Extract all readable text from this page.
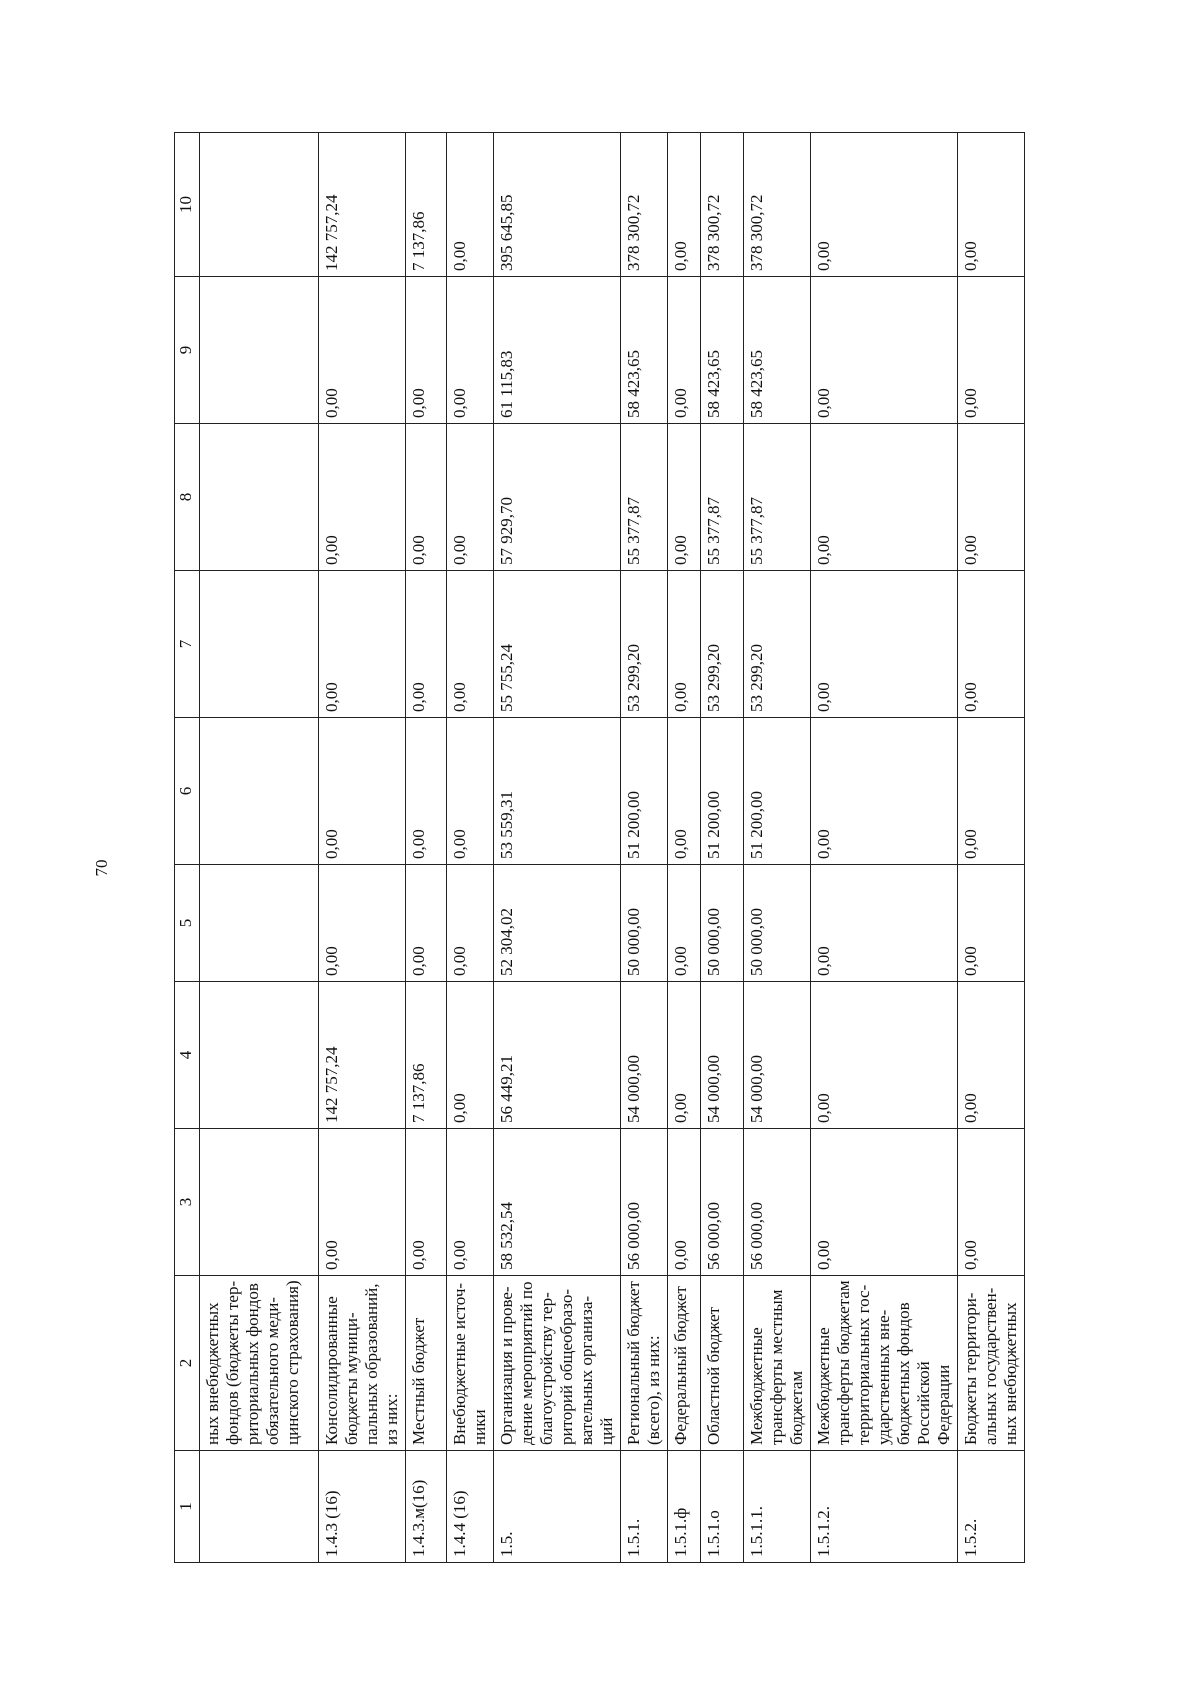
70
1	2	3	4	5	6	7	8	9	10
	ных внебюджетных фондов (бюджеты тер-риториальных фондов обязательного меди-цинского страхования)								
1.4.3 (16)	Консолидированные бюджеты муници-пальных образований, из них:	0,00	142 757,24	0,00	0,00	0,00	0,00	0,00	142 757,24
1.4.3.м(16)	Местный бюджет	0,00	7 137,86	0,00	0,00	0,00	0,00	0,00	7 137,86
1.4.4 (16)	Внебюджетные источ-ники	0,00	0,00	0,00	0,00	0,00	0,00	0,00	0,00
1.5.	Организация и прове-дение мероприятий по благоустройству тер-риторий общеобразо-вательных организа-ций	58 532,54	56 449,21	52 304,02	53 559,31	55 755,24	57 929,70	61 115,83	395 645,85
1.5.1.	Региональный бюджет (всего), из них:	56 000,00	54 000,00	50 000,00	51 200,00	53 299,20	55 377,87	58 423,65	378 300,72
1.5.1.ф	Федеральный бюджет	0,00	0,00	0,00	0,00	0,00	0,00	0,00	0,00
1.5.1.о	Областной бюджет	56 000,00	54 000,00	50 000,00	51 200,00	53 299,20	55 377,87	58 423,65	378 300,72
1.5.1.1.	Межбюджетные трансферты местным бюджетам	56 000,00	54 000,00	50 000,00	51 200,00	53 299,20	55 377,87	58 423,65	378 300,72
1.5.1.2.	Межбюджетные трансферты бюджетам территориальных гос-ударственных вне-бюджетных фондов Российской Федерации	0,00	0,00	0,00	0,00	0,00	0,00	0,00	0,00
1.5.2.	Бюджеты территори-альных государствен-ных внебюджетных	0,00	0,00	0,00	0,00	0,00	0,00	0,00	0,00
